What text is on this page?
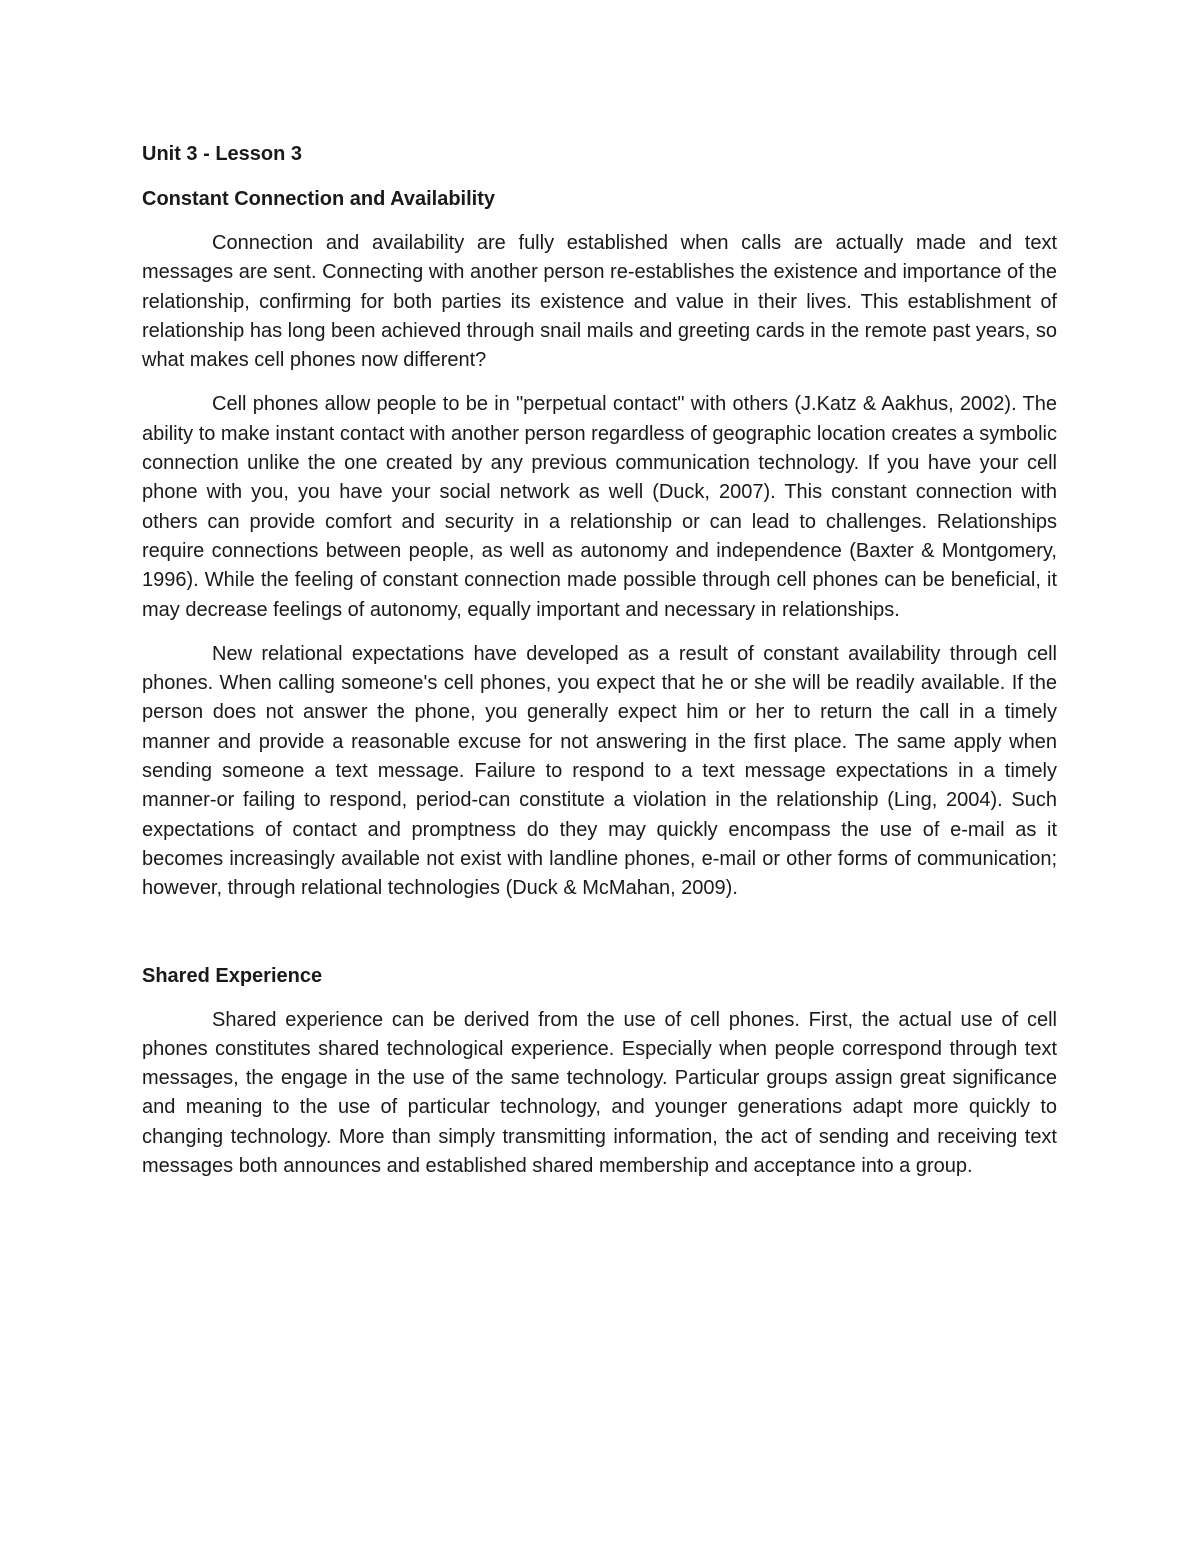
Unit 3 - Lesson 3
Constant Connection and Availability

Connection and availability are fully established when calls are actually made and text messages are sent. Connecting with another person re-establishes the existence and importance of the relationship, confirming for both parties its existence and value in their lives. This establishment of relationship has long been achieved through snail mails and greeting cards in the remote past years, so what makes cell phones now different?

Cell phones allow people to be in "perpetual contact" with others (J.Katz & Aakhus, 2002). The ability to make instant contact with another person regardless of geographic location creates a symbolic connection unlike the one created by any previous communication technology. If you have your cell phone with you, you have your social network as well (Duck, 2007). This constant connection with others can provide comfort and security in a relationship or can lead to challenges. Relationships require connections between people, as well as autonomy and independence (Baxter & Montgomery, 1996). While the feeling of constant connection made possible through cell phones can be beneficial, it may decrease feelings of autonomy, equally important and necessary in relationships.

New relational expectations have developed as a result of constant availability through cell phones. When calling someone's cell phones, you expect that he or she will be readily available. If the person does not answer the phone, you generally expect him or her to return the call in a timely manner and provide a reasonable excuse for not answering in the first place. The same apply when sending someone a text message. Failure to respond to a text message expectations in a timely manner-or failing to respond, period-can constitute a violation in the relationship (Ling, 2004). Such expectations of contact and promptness do they may quickly encompass the use of e-mail as it becomes increasingly available not exist with landline phones, e-mail or other forms of communication; however, through relational technologies (Duck & McMahan, 2009).

Shared Experience

Shared experience can be derived from the use of cell phones. First, the actual use of cell phones constitutes shared technological experience. Especially when people correspond through text messages, the engage in the use of the same technology. Particular groups assign great significance and meaning to the use of particular technology, and younger generations adapt more quickly to changing technology. More than simply transmitting information, the act of sending and receiving text messages both announces and established shared membership and acceptance into a group.
